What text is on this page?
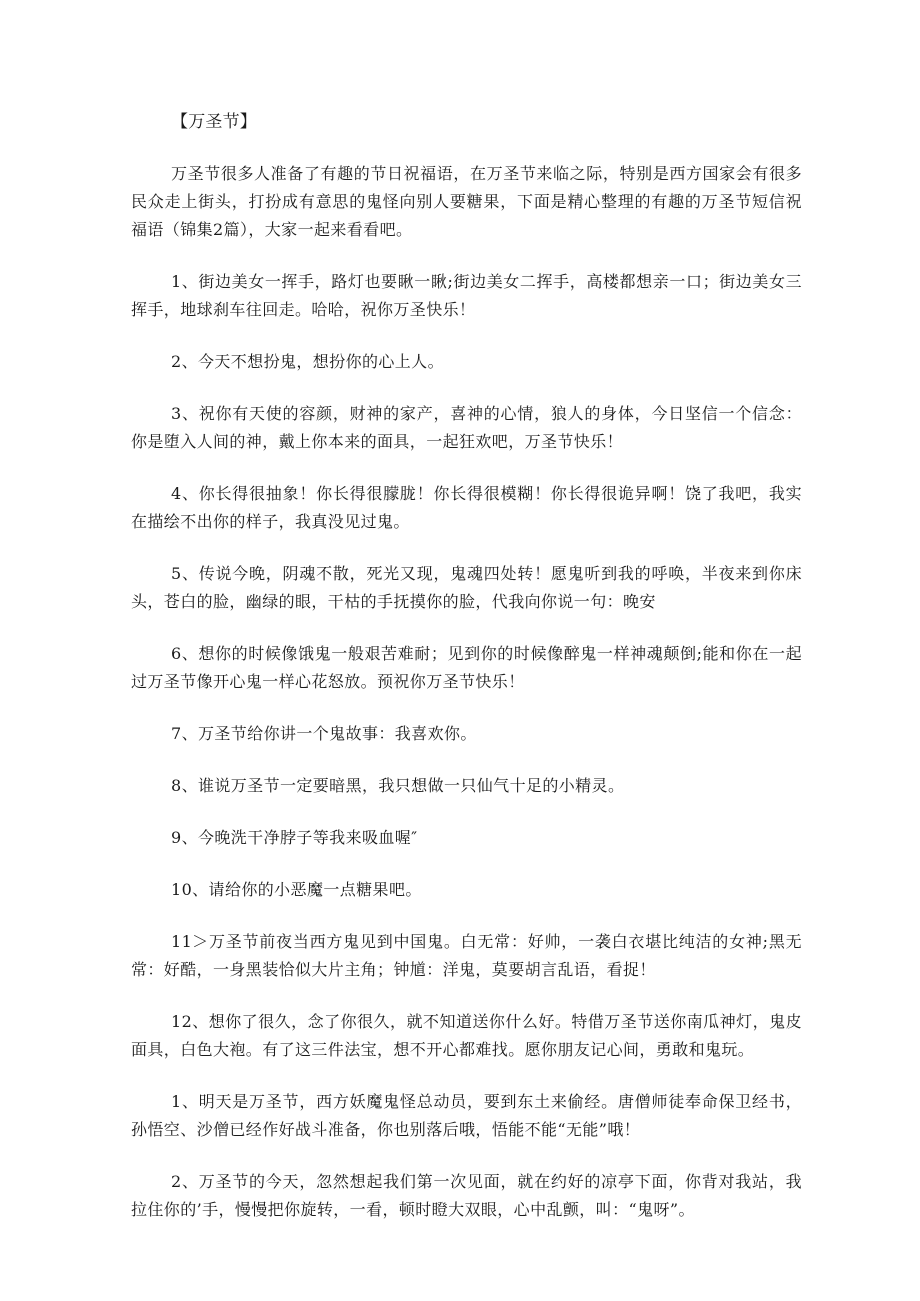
【万圣节】

万圣节很多人准备了有趣的节日祝福语，在万圣节来临之际，特别是西方国家会有很多民众走上街头，打扮成有意思的鬼怪向别人要糖果，下面是精心整理的有趣的万圣节短信祝福语（锦集2篇），大家一起来看看吧。

1、街边美女一挥手，路灯也要瞅一瞅;街边美女二挥手，高楼都想亲一口；街边美女三挥手，地球刹车往回走。哈哈，祝你万圣快乐！

2、今天不想扮鬼，想扮你的心上人。

3、祝你有天使的容颜，财神的家产，喜神的心情，狼人的身体，今日坚信一个信念：你是堕入人间的神，戴上你本来的面具，一起狂欢吧，万圣节快乐！

4、你长得很抽象！你长得很朦胧！你长得很模糊！你长得很诡异啊！饶了我吧，我实在描绘不出你的样子，我真没见过鬼。

5、传说今晚，阴魂不散，死光又现，鬼魂四处转！愿鬼听到我的呼唤，半夜来到你床头，苍白的脸，幽绿的眼，干枯的手抚摸你的脸，代我向你说一句：晚安

6、想你的时候像饿鬼一般艰苦难耐；见到你的时候像醉鬼一样神魂颠倒;能和你在一起过万圣节像开心鬼一样心花怒放。预祝你万圣节快乐！

7、万圣节给你讲一个鬼故事：我喜欢你。

8、谁说万圣节一定要暗黑，我只想做一只仙气十足的小精灵。

9、今晚洗干净脖子等我来吸血喔″

10、请给你的小恶魔一点糖果吧。

11＞万圣节前夜当西方鬼见到中国鬼。白无常：好帅，一袭白衣堪比纯洁的女神;黑无常：好酷，一身黑装恰似大片主角；钟馗：洋鬼，莫要胡言乱语，看捉！

12、想你了很久，念了你很久，就不知道送你什么好。特借万圣节送你南瓜神灯，鬼皮面具，白色大袍。有了这三件法宝，想不开心都难找。愿你朋友记心间，勇敢和鬼玩。

1、明天是万圣节，西方妖魔鬼怪总动员，要到东土来偷经。唐僧师徒奉命保卫经书，孙悟空、沙僧已经作好战斗准备，你也别落后哦，悟能不能“无能”哦！

2、万圣节的今天，忽然想起我们第一次见面，就在约好的凉亭下面，你背对我站，我拉住你的’手，慢慢把你旋转，一看，顿时瞪大双眼，心中乱颤，叫：“鬼呀”。
